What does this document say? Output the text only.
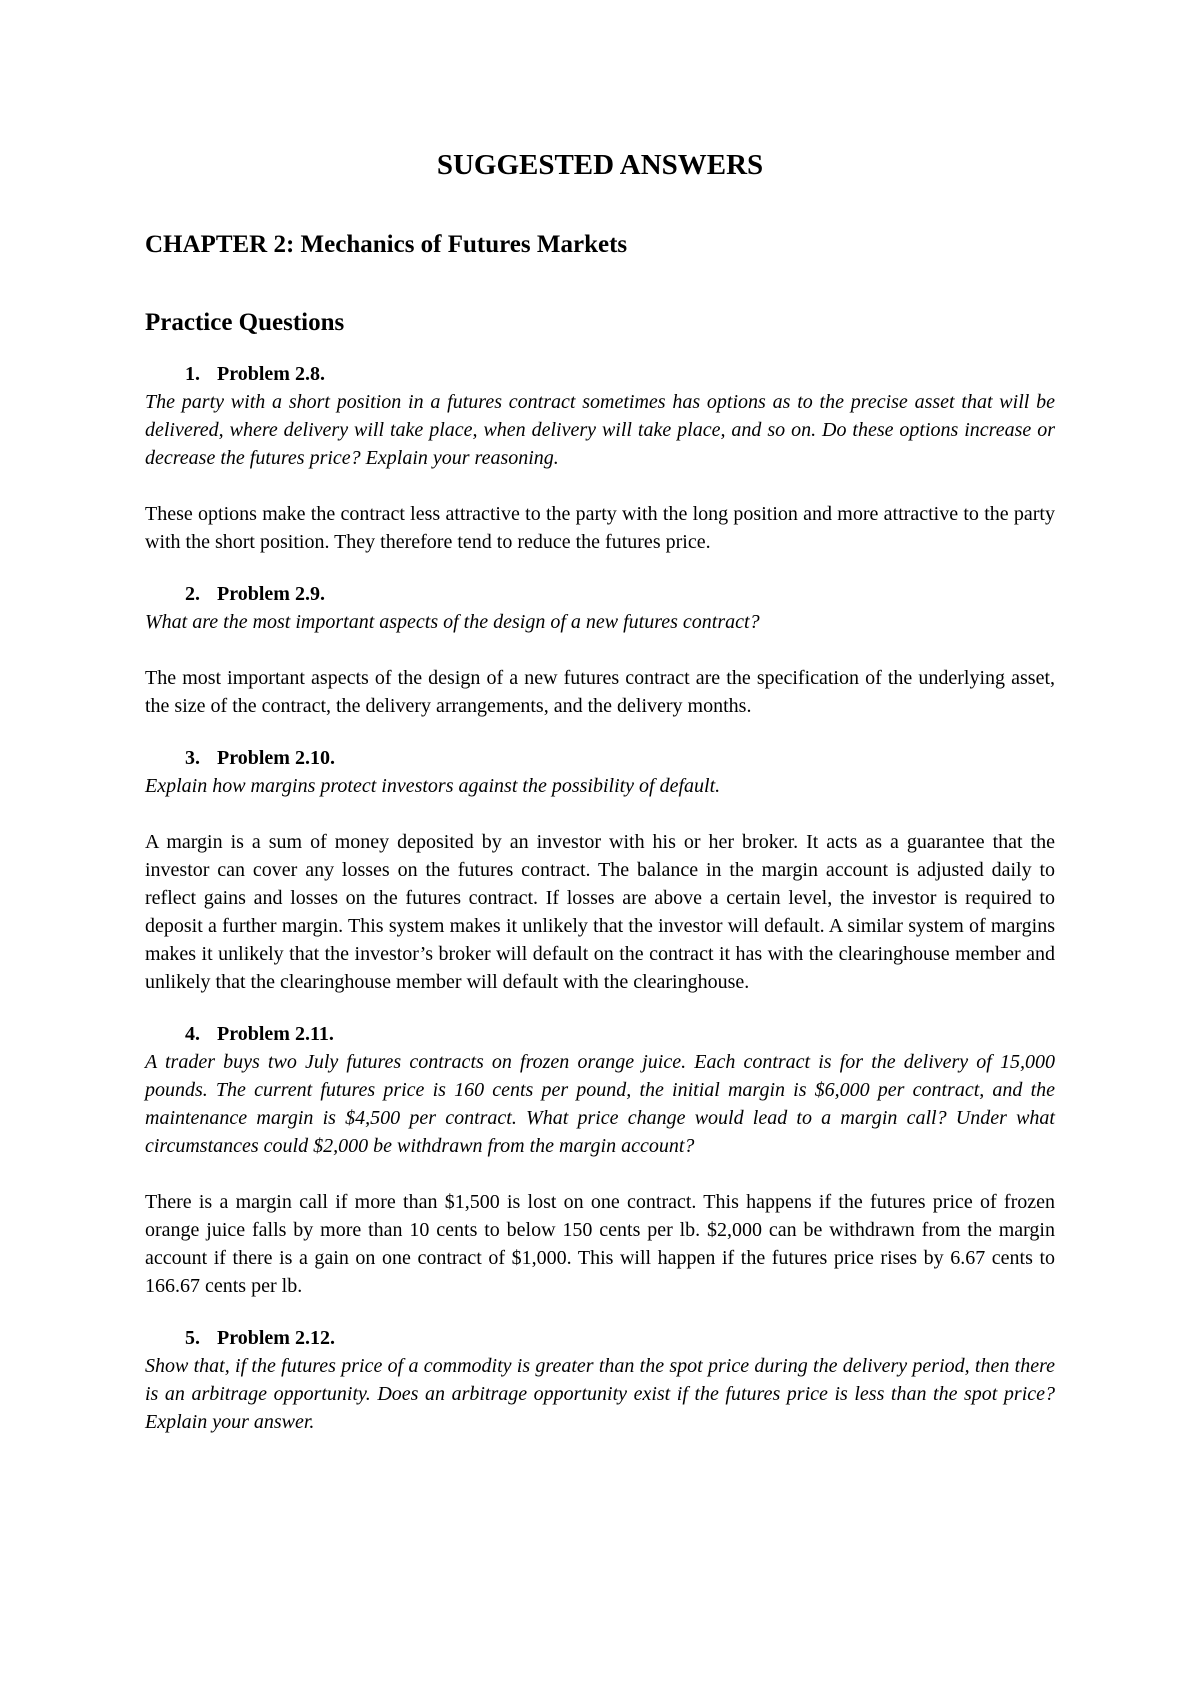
SUGGESTED ANSWERS
CHAPTER 2: Mechanics of Futures Markets
Practice Questions

1. Problem 2.8.

The party with a short position in a futures contract sometimes has options as to the precise asset that will be delivered, where delivery will take place, when delivery will take place, and so on. Do these options increase or decrease the futures price? Explain your reasoning.

These options make the contract less attractive to the party with the long position and more attractive to the party with the short position. They therefore tend to reduce the futures price.

2. Problem 2.9.

What are the most important aspects of the design of a new futures contract?

The most important aspects of the design of a new futures contract are the specification of the underlying asset, the size of the contract, the delivery arrangements, and the delivery months.

3. Problem 2.10.

Explain how margins protect investors against the possibility of default.

A margin is a sum of money deposited by an investor with his or her broker. It acts as a guarantee that the investor can cover any losses on the futures contract. The balance in the margin account is adjusted daily to reflect gains and losses on the futures contract. If losses are above a certain level, the investor is required to deposit a further margin. This system makes it unlikely that the investor will default. A similar system of margins makes it unlikely that the investor’s broker will default on the contract it has with the clearinghouse member and unlikely that the clearinghouse member will default with the clearinghouse.

4. Problem 2.11.

A trader buys two July futures contracts on frozen orange juice. Each contract is for the delivery of 15,000 pounds. The current futures price is 160 cents per pound, the initial margin is $6,000 per contract, and the maintenance margin is $4,500 per contract. What price change would lead to a margin call? Under what circumstances could $2,000 be withdrawn from the margin account?

There is a margin call if more than $1,500 is lost on one contract. This happens if the futures price of frozen orange juice falls by more than 10 cents to below 150 cents per lb. $2,000 can be withdrawn from the margin account if there is a gain on one contract of $1,000. This will happen if the futures price rises by 6.67 cents to 166.67 cents per lb.

5. Problem 2.12.

Show that, if the futures price of a commodity is greater than the spot price during the delivery period, then there is an arbitrage opportunity. Does an arbitrage opportunity exist if the futures price is less than the spot price? Explain your answer.
